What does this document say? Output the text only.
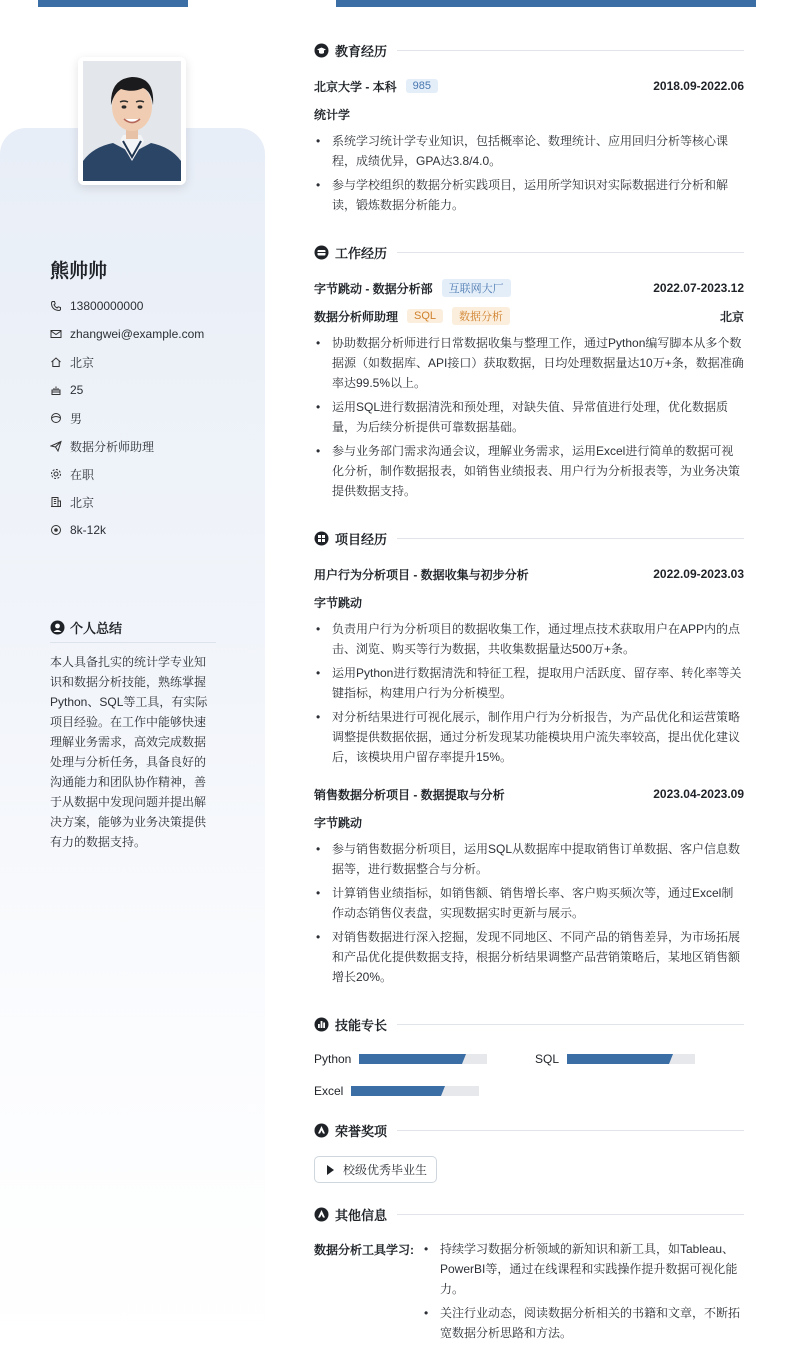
熊帅帅
13800000000
zhangwei@example.com
北京
25
男
数据分析师助理
在职
北京
8k-12k
个人总结

本人具备扎实的统计学专业知识和数据分析技能，熟练掌握Python、SQL等工具，有实际项目经验。在工作中能够快速理解业务需求，高效完成数据处理与分析任务，具备良好的沟通能力和团队协作精神，善于从数据中发现问题并提出解决方案，能够为业务决策提供有力的数据支持。

教育经历
北京大学 - 本科	985	2018.09-2022.06
统计学
• 系统学习统计学专业知识，包括概率论、数理统计、应用回归分析等核心课程，成绩优异，GPA达3.8/4.0。
• 参与学校组织的数据分析实践项目，运用所学知识对实际数据进行分析和解读，锻炼数据分析能力。
工作经历
字节跳动 - 数据分析部	互联网大厂	2022.07-2023.12
数据分析师助理	SQL	数据分析	北京
• 协助数据分析师进行日常数据收集与整理工作，通过Python编写脚本从多个数据源（如数据库、API接口）获取数据，日均处理数据量达10万+条，数据准确率达99.5%以上。
• 运用SQL进行数据清洗和预处理，对缺失值、异常值进行处理，优化数据质量，为后续分析提供可靠数据基础。
• 参与业务部门需求沟通会议，理解业务需求，运用Excel进行简单的数据可视化分析，制作数据报表，如销售业绩报表、用户行为分析报表等，为业务决策提供数据支持。
项目经历
用户行为分析项目 - 数据收集与初步分析	2022.09-2023.03
字节跳动
• 负责用户行为分析项目的数据收集工作，通过埋点技术获取用户在APP内的点击、浏览、购买等行为数据，共收集数据量达500万+条。
• 运用Python进行数据清洗和特征工程，提取用户活跃度、留存率、转化率等关键指标，构建用户行为分析模型。
• 对分析结果进行可视化展示，制作用户行为分析报告，为产品优化和运营策略调整提供数据依据，通过分析发现某功能模块用户流失率较高，提出优化建议后，该模块用户留存率提升15%。
销售数据分析项目 - 数据提取与分析	2023.04-2023.09
字节跳动
• 参与销售数据分析项目，运用SQL从数据库中提取销售订单数据、客户信息数据等，进行数据整合与分析。
• 计算销售业绩指标，如销售额、销售增长率、客户购买频次等，通过Excel制作动态销售仪表盘，实现数据实时更新与展示。
• 对销售数据进行深入挖掘，发现不同地区、不同产品的销售差异，为市场拓展和产品优化提供数据支持，根据分析结果调整产品营销策略后，某地区销售额增长20%。
技能专长
Python	SQL
Excel
荣誉奖项
校级优秀毕业生
其他信息
数据分析工具学习:
•	持续学习数据分析领域的新知识和新工具，如Tableau、PowerBI等，通过在线课程和实践操作提升数据可视化能力。
• 关注行业动态，阅读数据分析相关的书籍和文章，不断拓宽数据分析思路和方法。
